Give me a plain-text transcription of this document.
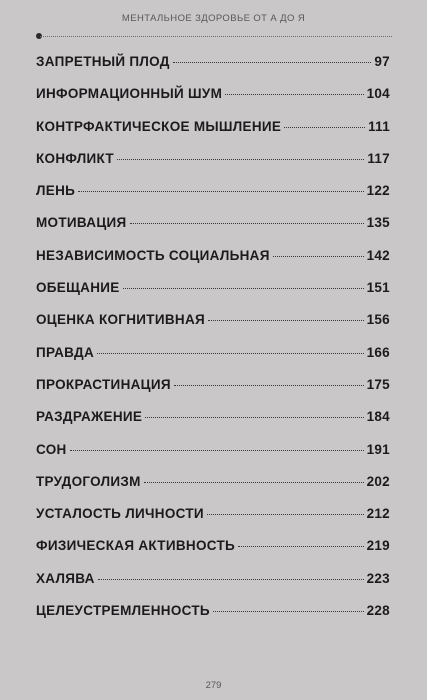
МЕНТАЛЬНОЕ ЗДОРОВЬЕ ОТ А ДО Я
ЗАПРЕТНЫЙ ПЛОД	97
ИНФОРМАЦИОННЫЙ ШУМ	104
КОНТРФАКТИЧЕСКОЕ МЫШЛЕНИЕ	111
КОНФЛИКТ	117
ЛЕНЬ	122
МОТИВАЦИЯ	135
НЕЗАВИСИМОСТЬ СОЦИАЛЬНАЯ	142
ОБЕЩАНИЕ	151
ОЦЕНКА КОГНИТИВНАЯ	156
ПРАВДА	166
ПРОКРАСТИНАЦИЯ	175
РАЗДРАЖЕНИЕ	184
СОН	191
ТРУДОГОЛИЗМ	202
УСТАЛОСТЬ ЛИЧНОСТИ	212
ФИЗИЧЕСКАЯ АКТИВНОСТЬ	219
ХАЛЯВА	223
ЦЕЛЕУСТРЕМЛЕННОСТЬ	228
279
